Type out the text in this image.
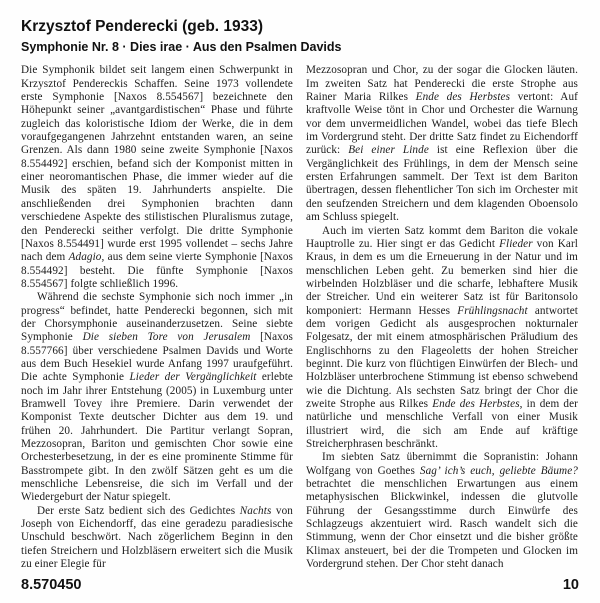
Krzysztof Penderecki (geb. 1933)
Symphonie Nr. 8 · Dies irae · Aus den Psalmen Davids

Die Symphonik bildet seit langem einen Schwerpunkt in Krzysztof Pendereckis Schaffen. Seine 1973 vollendete erste Symphonie [Naxos 8.554567] bezeichnete den Höhepunkt seiner „avantgardistischen“ Phase und führte zugleich das koloristische Idiom der Werke, die in dem voraufgegangenen Jahrzehnt entstanden waren, an seine Grenzen. Als dann 1980 seine zweite Symphonie [Naxos 8.554492] erschien, befand sich der Komponist mitten in einer neoromantischen Phase, die immer wieder auf die Musik des späten 19. Jahrhunderts anspielte. Die anschließenden drei Symphonien brachten dann verschiedene Aspekte des stilistischen Pluralismus zutage, den Penderecki seither verfolgt. Die dritte Symphonie [Naxos 8.554491] wurde erst 1995 vollendet – sechs Jahre nach dem Adagio, aus dem seine vierte Symphonie [Naxos 8.554492] besteht. Die fünfte Symphonie [Naxos 8.554567] folgte schließlich 1996.

Während die sechste Symphonie sich noch immer „in progress“ befindet, hatte Penderecki begonnen, sich mit der Chorsymphonie auseinanderzusetzen. Seine siebte Symphonie Die sieben Tore von Jerusalem [Naxos 8.557766] über verschiedene Psalmen Davids und Worte aus dem Buch Hesekiel wurde Anfang 1997 uraufgeführt. Die achte Symphonie Lieder der Vergänglichkeit erlebte noch im Jahr ihrer Entstehung (2005) in Luxemburg unter Bramwell Tovey ihre Premiere. Darin verwendet der Komponist Texte deutscher Dichter aus dem 19. und frühen 20. Jahrhundert. Die Partitur verlangt Sopran, Mezzosopran, Bariton und gemischten Chor sowie eine Orchesterbesetzung, in der es eine prominente Stimme für Basstrompete gibt. In den zwölf Sätzen geht es um die menschliche Lebensreise, die sich im Verfall und der Wiedergeburt der Natur spiegelt.

Der erste Satz bedient sich des Gedichtes Nachts von Joseph von Eichendorff, das eine geradezu paradiesische Unschuld beschwört. Nach zögerlichem Beginn in den tiefen Streichern und Holzbläsern erweitert sich die Musik zu einer Elegie für

Mezzosopran und Chor, zu der sogar die Glocken läuten. Im zweiten Satz hat Penderecki die erste Strophe aus Rainer Maria Rilkes Ende des Herbstes vertont: Auf kraftvolle Weise tönt in Chor und Orchester die Warnung vor dem unvermeidlichen Wandel, wobei das tiefe Blech im Vordergrund steht. Der dritte Satz findet zu Eichendorff zurück: Bei einer Linde ist eine Reflexion über die Vergänglichkeit des Frühlings, in dem der Mensch seine ersten Erfahrungen sammelt. Der Text ist dem Bariton übertragen, dessen flehentlicher Ton sich im Orchester mit den seufzenden Streichern und dem klagenden Oboensolo am Schluss spiegelt.

Auch im vierten Satz kommt dem Bariton die vokale Hauptrolle zu. Hier singt er das Gedicht Flieder von Karl Kraus, in dem es um die Erneuerung in der Natur und im menschlichen Leben geht. Zu bemerken sind hier die wirbelnden Holzbläser und die scharfe, lebhaftere Musik der Streicher. Und ein weiterer Satz ist für Baritonsolo komponiert: Hermann Hesses Frühlingsnacht antwortet dem vorigen Gedicht als ausgesprochen nokturnaler Folgesatz, der mit einem atmosphärischen Präludium des Englischhorns zu den Flageoletts der hohen Streicher beginnt. Die kurz von flüchtigen Einwürfen der Blech- und Holzbläser unterbrochene Stimmung ist ebenso schwebend wie die Dichtung. Als sechsten Satz bringt der Chor die zweite Strophe aus Rilkes Ende des Herbstes, in dem der natürliche und menschliche Verfall von einer Musik illustriert wird, die sich am Ende auf kräftige Streicherphrasen beschränkt.

Im siebten Satz übernimmt die Sopranistin: Johann Wolfgang von Goethes Sag’ ich’s euch, geliebte Bäume? betrachtet die menschlichen Erwartungen aus einem metaphysischen Blickwinkel, indessen die glutvolle Führung der Gesangsstimme durch Einwürfe des Schlagzeugs akzentuiert wird. Rasch wandelt sich die Stimmung, wenn der Chor einsetzt und die bisher größte Klimax ansteuert, bei der die Trompeten und Glocken im Vordergrund stehen. Der Chor steht danach

8.570450	10
